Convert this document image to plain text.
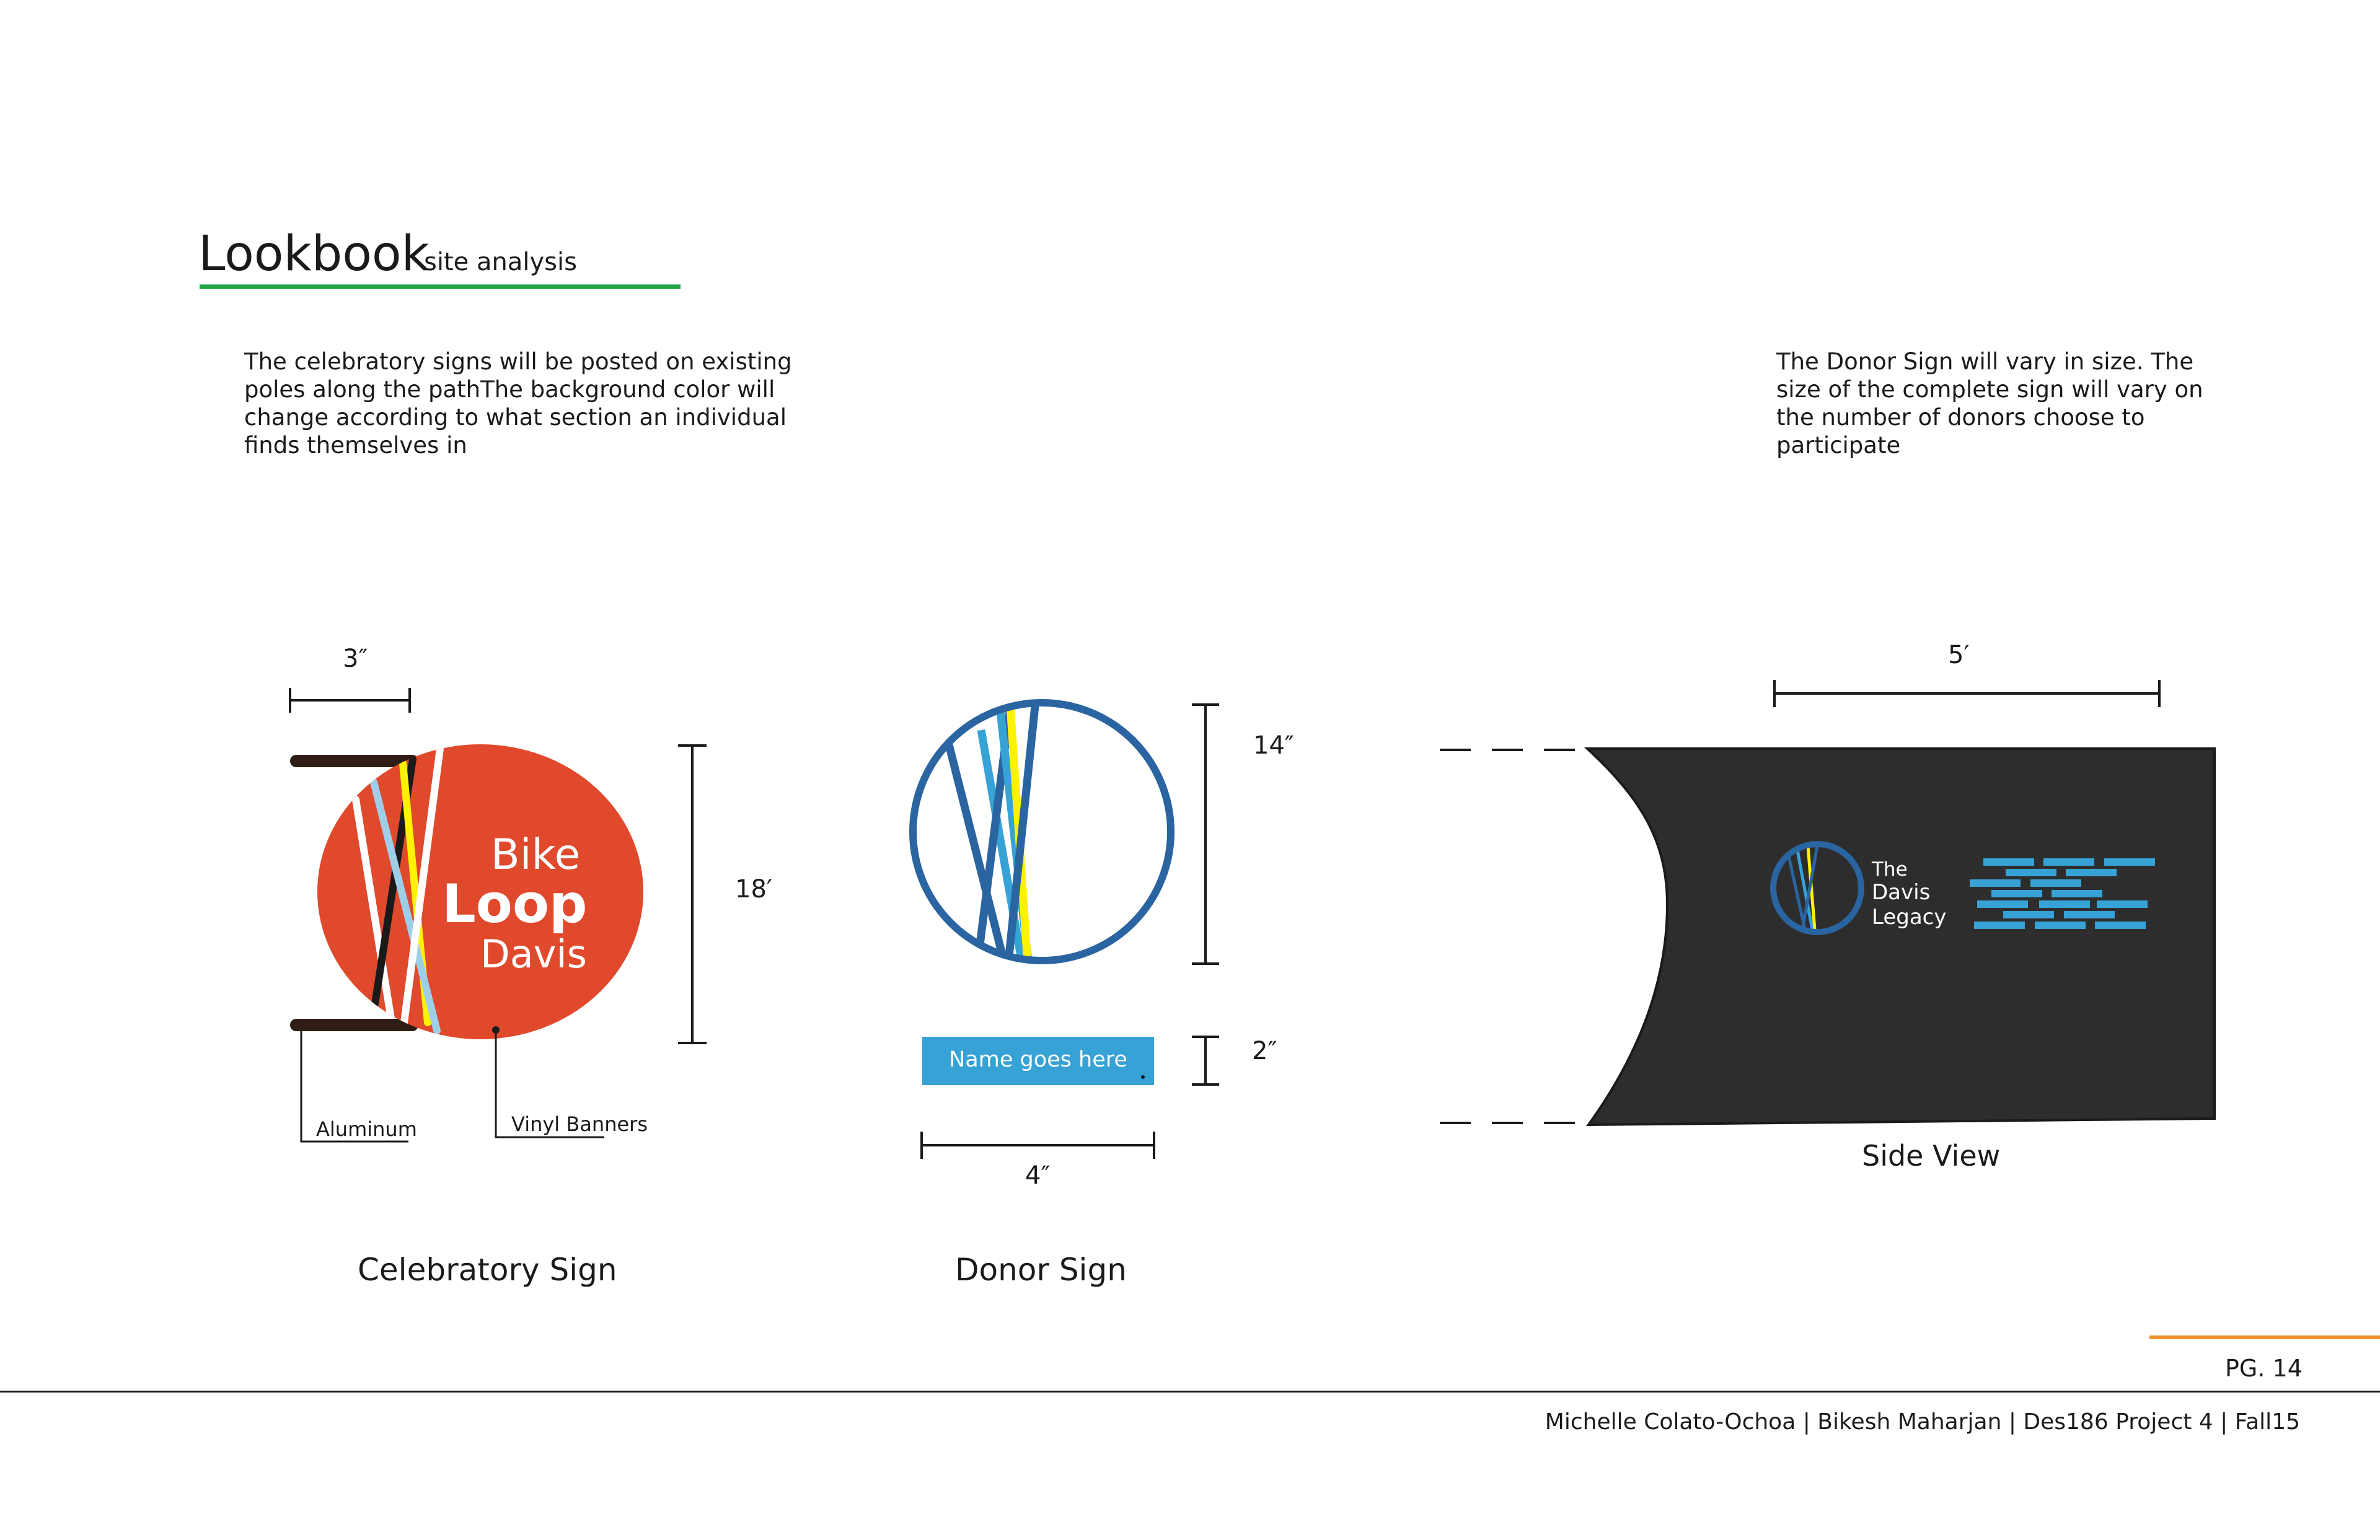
Lookbook
site analysis
The celebratory signs will be posted on existing poles along the pathThe background color will change according to what section an individual finds themselves in
The Donor Sign will vary in size. The size of the complete sign will vary on the number of donors choose to participate
3″
18′
Bike
Loop
Davis
Aluminum	Vinyl Banners
Celebratory Sign
14″
Name goes here	2″
4″
Donor Sign
5′
The
Davis
Legacy
Side View
PG. 14
Michelle Colato-Ochoa | Bikesh Maharjan | Des186 Project 4 | Fall15
